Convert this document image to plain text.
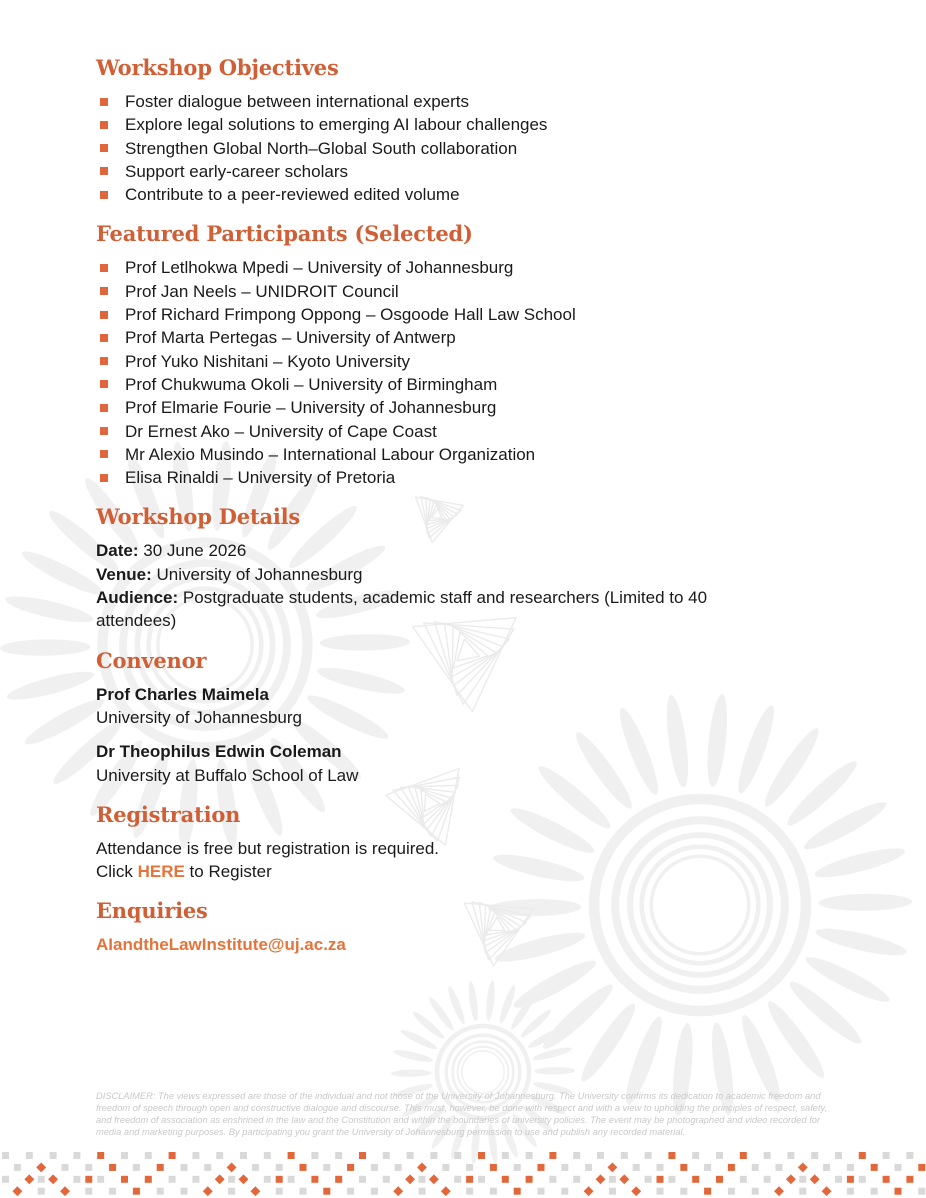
Workshop Objectives
Foster dialogue between international experts
Explore legal solutions to emerging AI labour challenges
Strengthen Global North–Global South collaboration
Support early-career scholars
Contribute to a peer-reviewed edited volume
Featured Participants (Selected)
Prof Letlhokwa Mpedi – University of Johannesburg
Prof Jan Neels – UNIDROIT Council
Prof Richard Frimpong Oppong – Osgoode Hall Law School
Prof Marta Pertegas – University of Antwerp
Prof Yuko Nishitani – Kyoto University
Prof Chukwuma Okoli – University of Birmingham
Prof Elmarie Fourie – University of Johannesburg
Dr Ernest Ako – University of Cape Coast
Mr Alexio Musindo – International Labour Organization
Elisa Rinaldi – University of Pretoria
Workshop Details

Date: 30 June 2026

Venue: University of Johannesburg

Audience: Postgraduate students, academic staff and researchers (Limited to 40 attendees)

Convenor

Prof Charles Maimela
University of Johannesburg

Dr Theophilus Edwin Coleman
University at Buffalo School of Law

Registration

Attendance is free but registration is required.

Click HERE to Register

Enquiries
AIandtheLawInstitute@uj.ac.za

DISCLAIMER: The views expressed are those of the individual and not those of the University of Johannesburg. The University confirms its dedication to academic freedom and freedom of speech through open and constructive dialogue and discourse. This must, however, be done with respect and with a view to upholding the principles of respect, safety, and freedom of association as enshrined in the law and the Constitution and within the boundaries of university policies. The event may be photographed and video recorded for media and marketing purposes. By participating you grant the University of Johannesburg permission to use and publish any recorded material.
